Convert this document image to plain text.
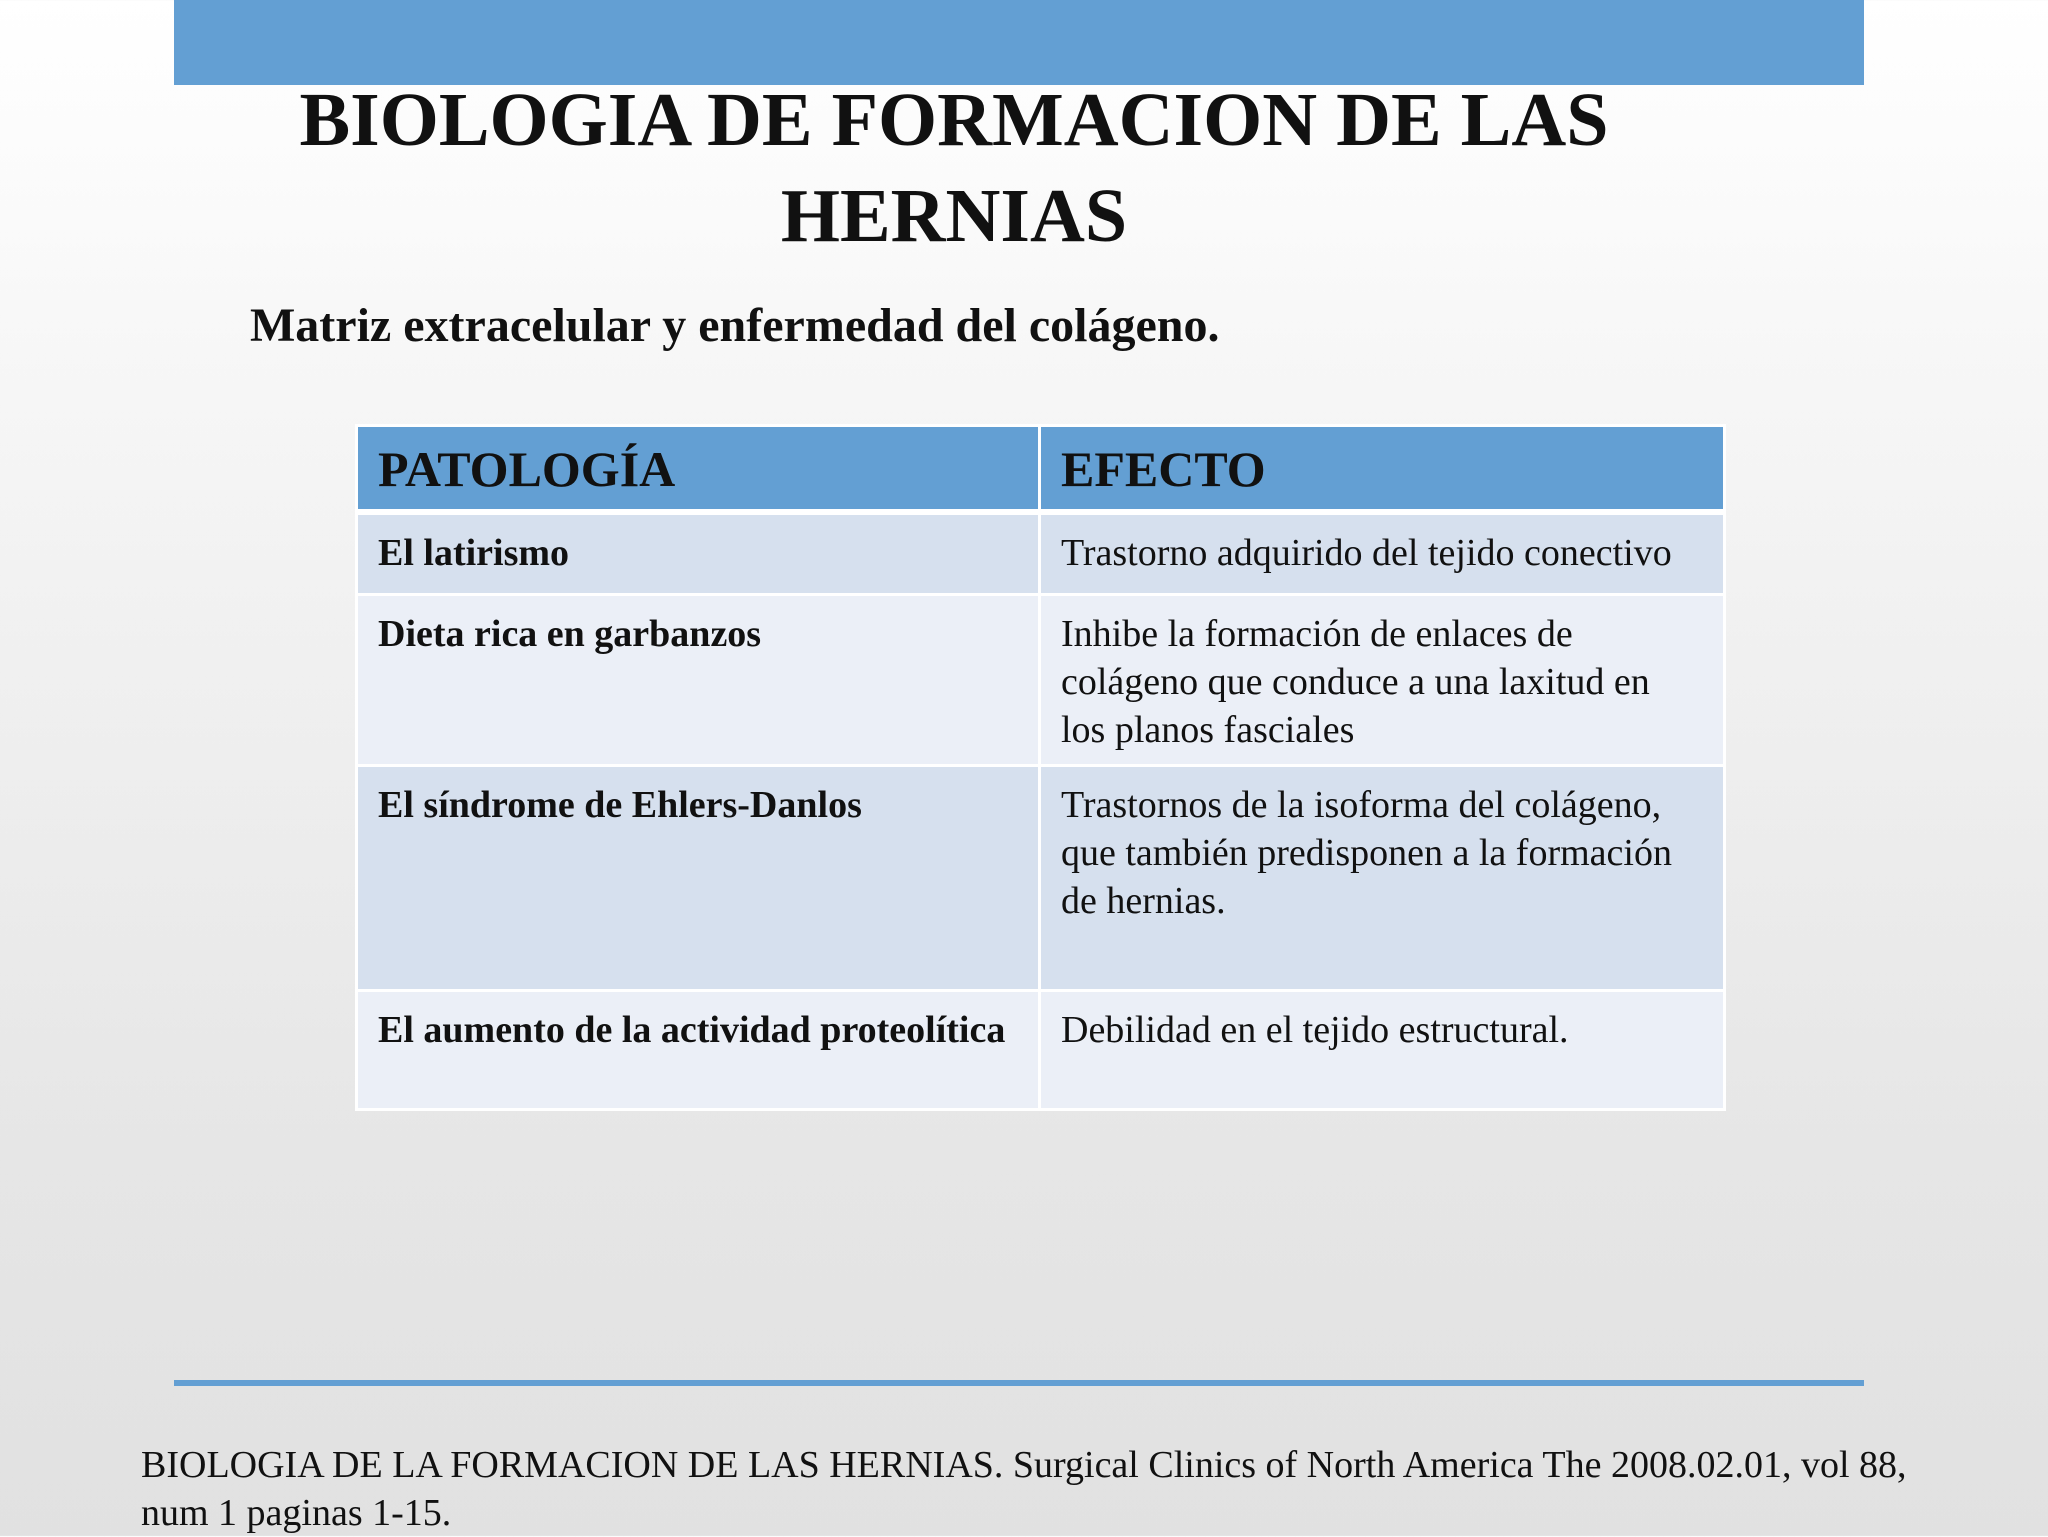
BIOLOGIA DE FORMACION DE LAS
HERNIAS

Matriz extracelular y enfermedad del colágeno.

PATOLOGÍA	EFECTO
El latirismo	Trastorno adquirido del tejido conectivo
Dieta rica en garbanzos	Inhibe la formación de enlaces de colágeno que conduce a una laxitud en los planos fasciales
El síndrome de Ehlers-Danlos	Trastornos de la isoforma del colágeno, que también predisponen a la formación de hernias.
El aumento de la actividad proteolítica	Debilidad en el tejido estructural.

BIOLOGIA DE LA FORMACION DE LAS HERNIAS. Surgical Clinics of North America The 2008.02.01, vol 88, num 1 paginas 1-15.
